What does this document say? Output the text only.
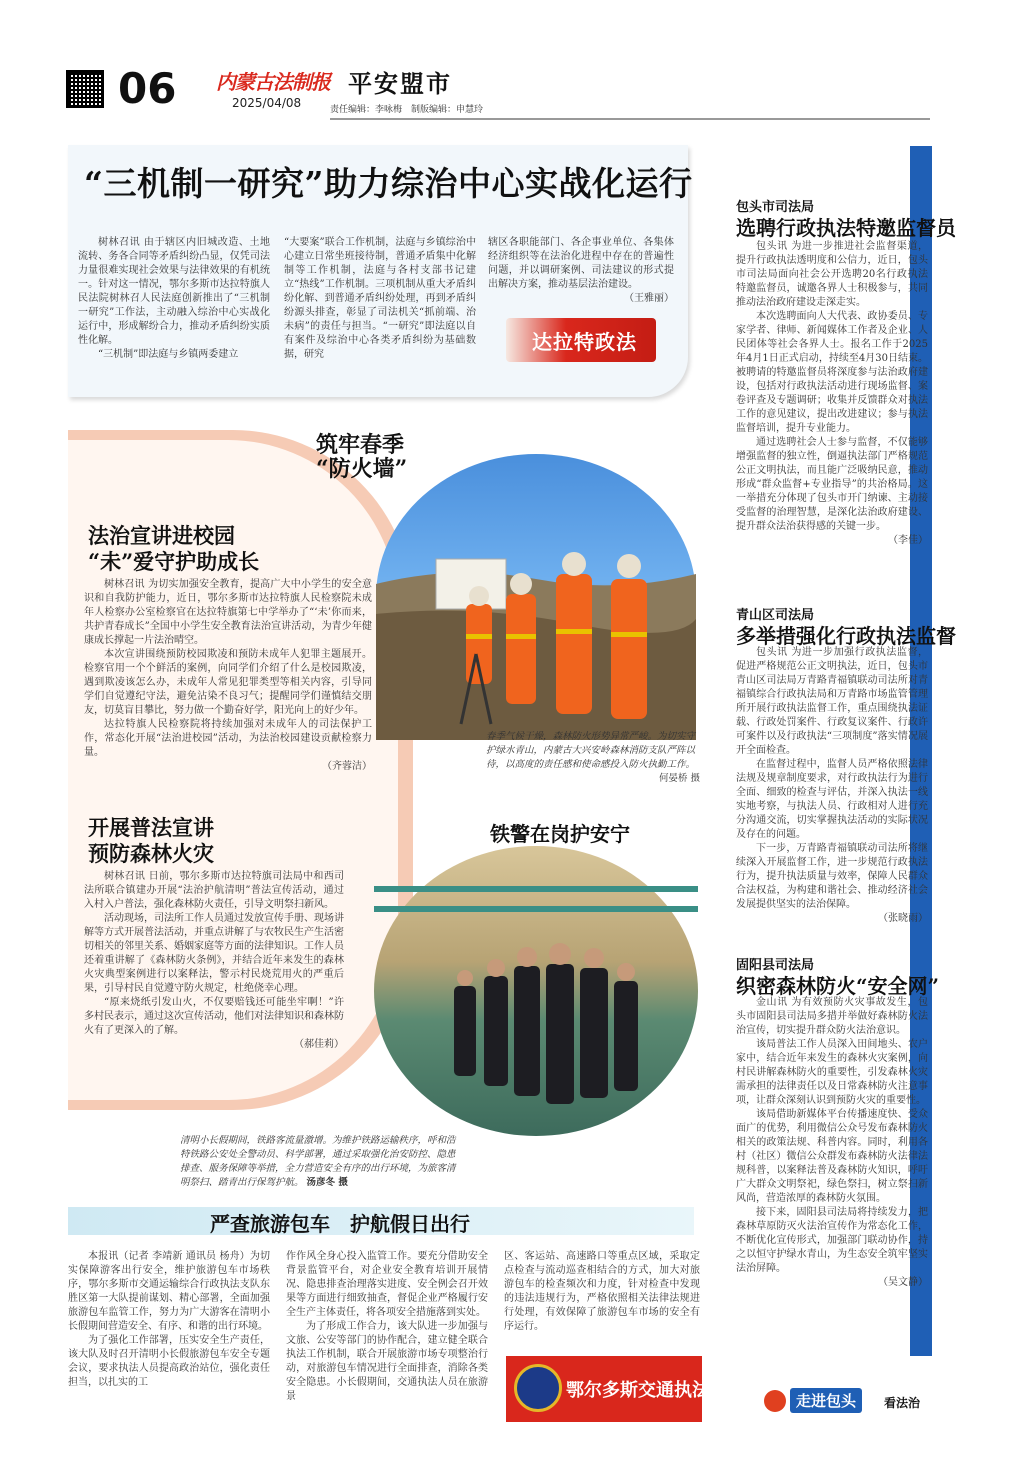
06 内蒙古法制报
2025/04/08
平安盟市
责任编辑：李咏梅　制版编辑：申慧玲
“三机制一研究”助力综治中心实战化运行

树林召讯 由于辖区内旧城改造、土地流转、务各合同等矛盾纠纷凸显，仅凭司法力量很难实现社会效果与法律效果的有机统一。针对这一情况，鄂尔多斯市达拉特旗人民法院树林召人民法庭创新推出了“三机制一研究”工作法，主动融入综治中心实战化运行中，形成解纷合力，推动矛盾纠纷实质性化解。

“三机制”即法庭与乡镇两委建立

“大要案”联合工作机制，法庭与乡镇综治中心建立日常坐班接待制，普通矛盾集中化解制等工作机制，法庭与各村支部书记建立“热线”工作机制。三项机制从重大矛盾纠纷化解、到普通矛盾纠纷处理，再到矛盾纠纷源头排查，彰显了司法机关“抓前端、治未病”的责任与担当。“一研究”即法庭以自有案件及综治中心各类矛盾纠纷为基础数据，研究

辖区各职能部门、各企事业单位、各集体经济组织等在法治化进程中存在的普遍性问题，并以调研案例、司法建议的形式提出解决方案，推动基层法治建设。

（王雅丽）
达拉特政法
法治宣讲进校园
“未”爱守护助成长

树林召讯 为切实加强安全教育，提高广大中小学生的安全意识和自我防护能力，近日，鄂尔多斯市达拉特旗人民检察院未成年人检察办公室检察官在达拉特旗第七中学举办了“‘未’你而来，共护青春成长”全国中小学生安全教育法治宣讲活动，为青少年健康成长撑起一片法治晴空。

本次宣讲围绕预防校园欺凌和预防未成年人犯罪主题展开。检察官用一个个鲜活的案例，向同学们介绍了什么是校园欺凌，遇到欺凌该怎么办，未成年人常见犯罪类型等相关内容，引导同学们自觉遵纪守法，避免沾染不良习气；提醒同学们谨慎结交朋友，切莫盲目攀比，努力做一个勤奋好学，阳光向上的好少年。

达拉特旗人民检察院将持续加强对未成年人的司法保护工作，常态化开展“法治进校园”活动，为法治校园建设贡献检察力量。

（齐蓉洁）
开展普法宣讲
预防森林火灾

树林召讯 日前，鄂尔多斯市达拉特旗司法局中和西司法所联合镇建办开展“法治护航清明”普法宣传活动，通过入村入户普法，强化森林防火责任，引导文明祭扫新风。

活动现场，司法所工作人员通过发放宣传手册、现场讲解等方式开展普法活动，并重点讲解了与农牧民生产生活密切相关的邻里关系、婚姻家庭等方面的法律知识。工作人员还着重讲解了《森林防火条例》，并结合近年来发生的森林火灾典型案例进行以案释法，警示村民烧荒用火的严重后果，引导村民自觉遵守防火规定，杜绝侥幸心理。

“原来烧纸引发山火，不仅要赔钱还可能坐牢啊！”许多村民表示，通过这次宣传活动，他们对法律知识和森林防火有了更深入的了解。

（郝佳莉）
筑牢春季
“防火墙”
春季气候干燥，森林防火形势异常严峻。为切实守护绿水青山，内蒙古大兴安岭森林消防支队严阵以待，以高度的责任感和使命感投入防火执勤工作。
何晏桥 摄
铁警在岗护安宁
清明小长假期间，铁路客流量激增。为维护铁路运输秩序，呼和浩特铁路公安处全警动员、科学部署，通过采取强化治安防控、隐患排查、服务保障等举措，全力营造安全有序的出行环境，为旅客清明祭扫、踏青出行保驾护航。 汤彦冬 摄
严查旅游包车　护航假日出行

本报讯（记者 李靖新 通讯员 杨舟）为切实保障游客出行安全，维护旅游包车市场秩序，鄂尔多斯市交通运输综合行政执法支队东胜区第一大队提前谋划、精心部署，全面加强旅游包车监管工作，努力为广大游客在清明小长假期间营造安全、有序、和谐的出行环境。

为了强化工作部署，压实安全生产责任，该大队及时召开清明小长假旅游包车安全专题会议，要求执法人员提高政治站位，强化责任担当，以扎实的工

作作风全身心投入监管工作。要充分借助安全背景监管平台，对企业安全教育培训开展情况、隐患排查治理落实进度、安全例会召开效果等方面进行细致抽查，督促企业严格履行安全生产主体责任，将各项安全措施落到实处。

为了形成工作合力，该大队进一步加强与文旅、公安等部门的协作配合，建立健全联合执法工作机制，联合开展旅游市场专项整治行动，对旅游包车情况进行全面排查，消除各类安全隐患。小长假期间，交通执法人员在旅游景

区、客运站、高速路口等重点区域，采取定点检查与流动巡查相结合的方式，加大对旅游包车的检查频次和力度，针对检查中发现的违法违规行为，严格依照相关法律法规进行处理，有效保障了旅游包车市场的安全有序运行。

鄂尔多斯交通执法
包头市司法局
选聘行政执法特邀监督员

包头讯 为进一步推进社会监督渠道，提升行政执法透明度和公信力，近日，包头市司法局面向社会公开选聘20名行政执法特邀监督员，诚邀各界人士积极参与，共同推动法治政府建设走深走实。

本次选聘面向人大代表、政协委员、专家学者、律师、新闻媒体工作者及企业、人民团体等社会各界人士。报名工作于2025年4月1日正式启动，持续至4月30日结束。被聘请的特邀监督员将深度参与法治政府建设，包括对行政执法活动进行现场监督、案卷评查及专题调研；收集并反馈群众对执法工作的意见建议，提出改进建议；参与执法监督培训，提升专业能力。

通过选聘社会人士参与监督，不仅能够增强监督的独立性，倒逼执法部门严格规范公正文明执法，而且能广泛吸纳民意，推动形成“群众监督+专业指导”的共治格局。这一举措充分体现了包头市开门纳谏、主动接受监督的治理智慧，是深化法治政府建设、提升群众法治获得感的关键一步。

（李佳）
青山区司法局
多举措强化行政执法监督

包头讯 为进一步加强行政执法监督，促进严格规范公正文明执法，近日，包头市青山区司法局万青路青福镇联动司法所对青福镇综合行政执法局和万青路市场监管管理所开展行政执法监督工作，重点围绕执法证载、行政处罚案件、行政复议案件、行政许可案件以及行政执法“三项制度”落实情况展开全面检查。

在监督过程中，监督人员严格依照法律法规及规章制度要求，对行政执法行为进行全面、细致的检查与评估，并深入执法一线实地考察，与执法人员、行政相对人进行充分沟通交流，切实掌握执法活动的实际状况及存在的问题。

下一步，万青路青福镇联动司法所将继续深入开展监督工作，进一步规范行政执法行为，提升执法质量与效率，保障人民群众合法权益，为构建和谐社会、推动经济社会发展提供坚实的法治保障。

（张晓雨）
固阳县司法局
织密森林防火“安全网”

金山讯 为有效预防火灾事故发生，包头市固阳县司法局多措并举做好森林防火法治宣传，切实提升群众防火法治意识。

该局普法工作人员深入田间地头、农户家中，结合近年来发生的森林火灾案例，向村民讲解森林防火的重要性，引发森林火灾需承担的法律责任以及日常森林防火注意事项，让群众深刻认识到预防火灾的重要性。

该局借助新媒体平台传播速度快、受众面广的优势，利用微信公众号发布森林防火相关的政策法规、科普内容。同时，利用各村（社区）微信公众群发布森林防火法律法规科普，以案释法普及森林防火知识，呼吁广大群众文明祭祀，绿色祭扫，树立祭扫新风尚，营造浓厚的森林防火氛围。

接下来，固阳县司法局将持续发力，把森林草原防灭火法治宣传作为常态化工作，不断优化宣传形式，加强部门联动协作，持之以恒守护绿水青山，为生态安全筑牢坚实法治屏障。

（吴文静）
走进包头	看法治
